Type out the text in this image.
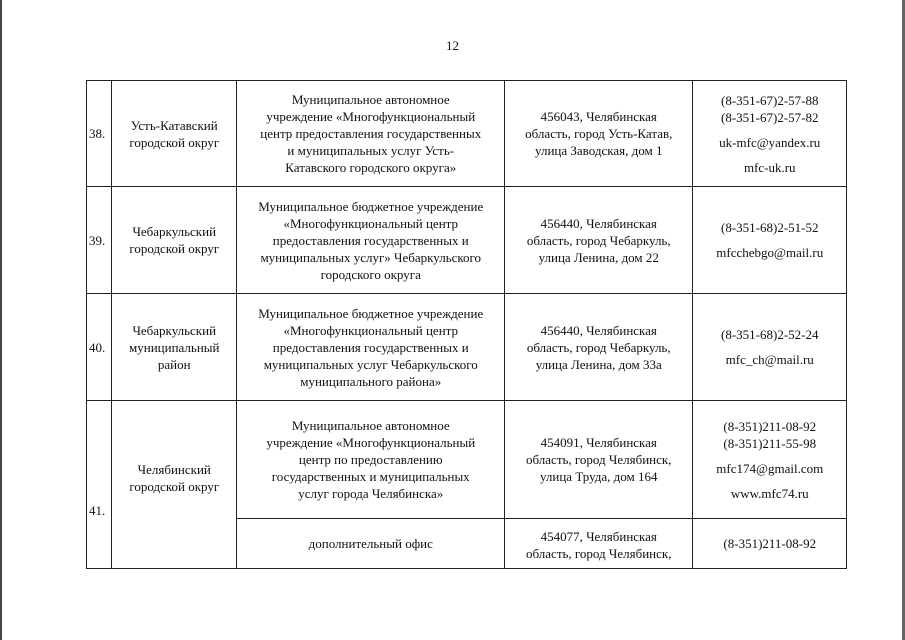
12
38.	Усть-Катавский
городской округ	Муниципальное автономное
учреждение «Многофункциональный
центр предоставления государственных
и муниципальных услуг Усть-
Катавского городского округа»	456043, Челябинская
область, город Усть-Катав,
улица Заводская, дом 1	(8-351-67)2-57-88
(8-351-67)2-57-82
uk-mfc@yandex.ru
mfc-uk.ru

39.	Чебаркульский
городской округ	Муниципальное бюджетное учреждение
«Многофункциональный центр
предоставления государственных и
муниципальных услуг» Чебаркульского
городского округа	456440, Челябинская
область, город Чебаркуль,
улица Ленина, дом 22	(8-351-68)2-51-52
mfcchebgo@mail.ru

40.	Чебаркульский
муниципальный
район	Муниципальное бюджетное учреждение
«Многофункциональный центр
предоставления государственных и
муниципальных услуг Чебаркульского
муниципального района»	456440, Челябинская
область, город Чебаркуль,
улица Ленина, дом 33а	(8-351-68)2-52-24
mfc_ch@mail.ru

41.	Челябинский
городской округ	Муниципальное автономное
учреждение «Многофункциональный
центр по предоставлению
государственных и муниципальных
услуг города Челябинска»	454091, Челябинская
область, город Челябинск,
улица Труда, дом 164	(8-351)211-08-92
(8-351)211-55-98
mfc174@gmail.com
www.mfc74.ru

		дополнительный офис	454077, Челябинская
область, город Челябинск,	(8-351)211-08-92
